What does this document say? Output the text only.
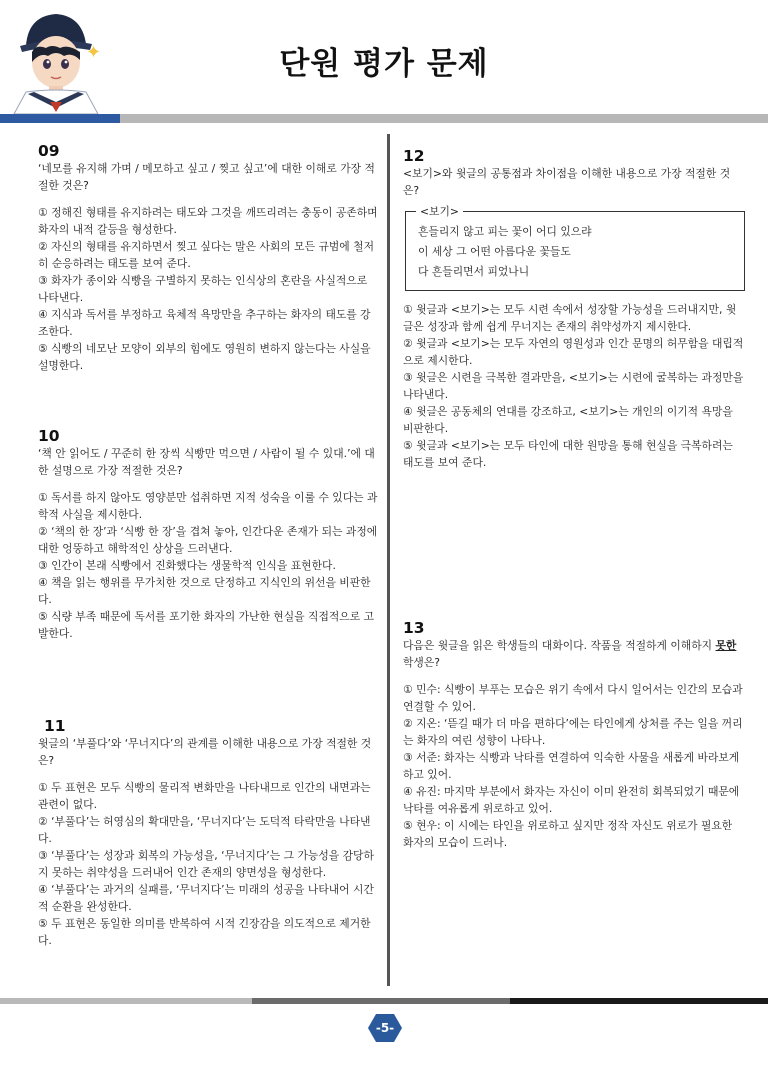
✦	단원 평가 문제

09

‘네모를 유지해 가며 / 메모하고 싶고 / 찢고 싶고’에 대한 이해로 가장 적절한 것은?

① 정해진 형태를 유지하려는 태도와 그것을 깨뜨리려는 충동이 공존하며 화자의 내적 갈등을 형성한다.

② 자신의 형태를 유지하면서 찢고 싶다는 말은 사회의 모든 규범에 철저히 순응하려는 태도를 보여 준다.

③ 화자가 종이와 식빵을 구별하지 못하는 인식상의 혼란을 사실적으로 나타낸다.

④ 지식과 독서를 부정하고 육체적 욕망만을 추구하는 화자의 태도를 강조한다.

⑤ 식빵의 네모난 모양이 외부의 힘에도 영원히 변하지 않는다는 사실을 설명한다.

10

‘책 안 읽어도 / 꾸준히 한 장씩 식빵만 먹으면 / 사람이 될 수 있대.’에 대한 설명으로 가장 적절한 것은?

① 독서를 하지 않아도 영양분만 섭취하면 지적 성숙을 이룰 수 있다는 과학적 사실을 제시한다.

② ‘책의 한 장’과 ‘식빵 한 장’을 겹쳐 놓아, 인간다운 존재가 되는 과정에 대한 엉뚱하고 해학적인 상상을 드러낸다.

③ 인간이 본래 식빵에서 진화했다는 생물학적 인식을 표현한다.

④ 책을 읽는 행위를 무가치한 것으로 단정하고 지식인의 위선을 비판한다.

⑤ 식량 부족 때문에 독서를 포기한 화자의 가난한 현실을 직접적으로 고발한다.

11

윗글의 ‘부풀다’와 ‘무너지다’의 관계를 이해한 내용으로 가장 적절한 것은?

① 두 표현은 모두 식빵의 물리적 변화만을 나타내므로 인간의 내면과는 관련이 없다.

② ‘부풀다’는 허영심의 확대만을, ‘무너지다’는 도덕적 타락만을 나타낸다.

③ ‘부풀다’는 성장과 회복의 가능성을, ‘무너지다’는 그 가능성을 감당하지 못하는 취약성을 드러내어 인간 존재의 양면성을 형성한다.

④ ‘부풀다’는 과거의 실패를, ‘무너지다’는 미래의 성공을 나타내어 시간적 순환을 완성한다.

⑤ 두 표현은 동일한 의미를 반복하여 시적 긴장감을 의도적으로 제거한다.

12

<보기>와 윗글의 공통점과 차이점을 이해한 내용으로 가장 적절한 것은?

<보기>

흔들리지 않고 피는 꽃이 어디 있으랴

이 세상 그 어떤 아름다운 꽃들도

다 흔들리면서 피었나니

① 윗글과 <보기>는 모두 시련 속에서 성장할 가능성을 드러내지만, 윗글은 성장과 함께 쉽게 무너지는 존재의 취약성까지 제시한다.

② 윗글과 <보기>는 모두 자연의 영원성과 인간 문명의 허무함을 대립적으로 제시한다.

③ 윗글은 시련을 극복한 결과만을, <보기>는 시련에 굴복하는 과정만을 나타낸다.

④ 윗글은 공동체의 연대를 강조하고, <보기>는 개인의 이기적 욕망을 비판한다.

⑤ 윗글과 <보기>는 모두 타인에 대한 원망을 통해 현실을 극복하려는 태도를 보여 준다.

13

다음은 윗글을 읽은 학생들의 대화이다. 작품을 적절하게 이해하지 못한 학생은?

① 민수: 식빵이 부푸는 모습은 위기 속에서 다시 일어서는 인간의 모습과 연결할 수 있어.

② 지온: ‘뜯길 때가 더 마음 편하다’에는 타인에게 상처를 주는 일을 꺼리는 화자의 여린 성향이 나타나.

③ 서준: 화자는 식빵과 낙타를 연결하여 익숙한 사물을 새롭게 바라보게 하고 있어.

④ 유진: 마지막 부분에서 화자는 자신이 이미 완전히 회복되었기 때문에 낙타를 여유롭게 위로하고 있어.

⑤ 현우: 이 시에는 타인을 위로하고 싶지만 정작 자신도 위로가 필요한 화자의 모습이 드러나.

-5-
